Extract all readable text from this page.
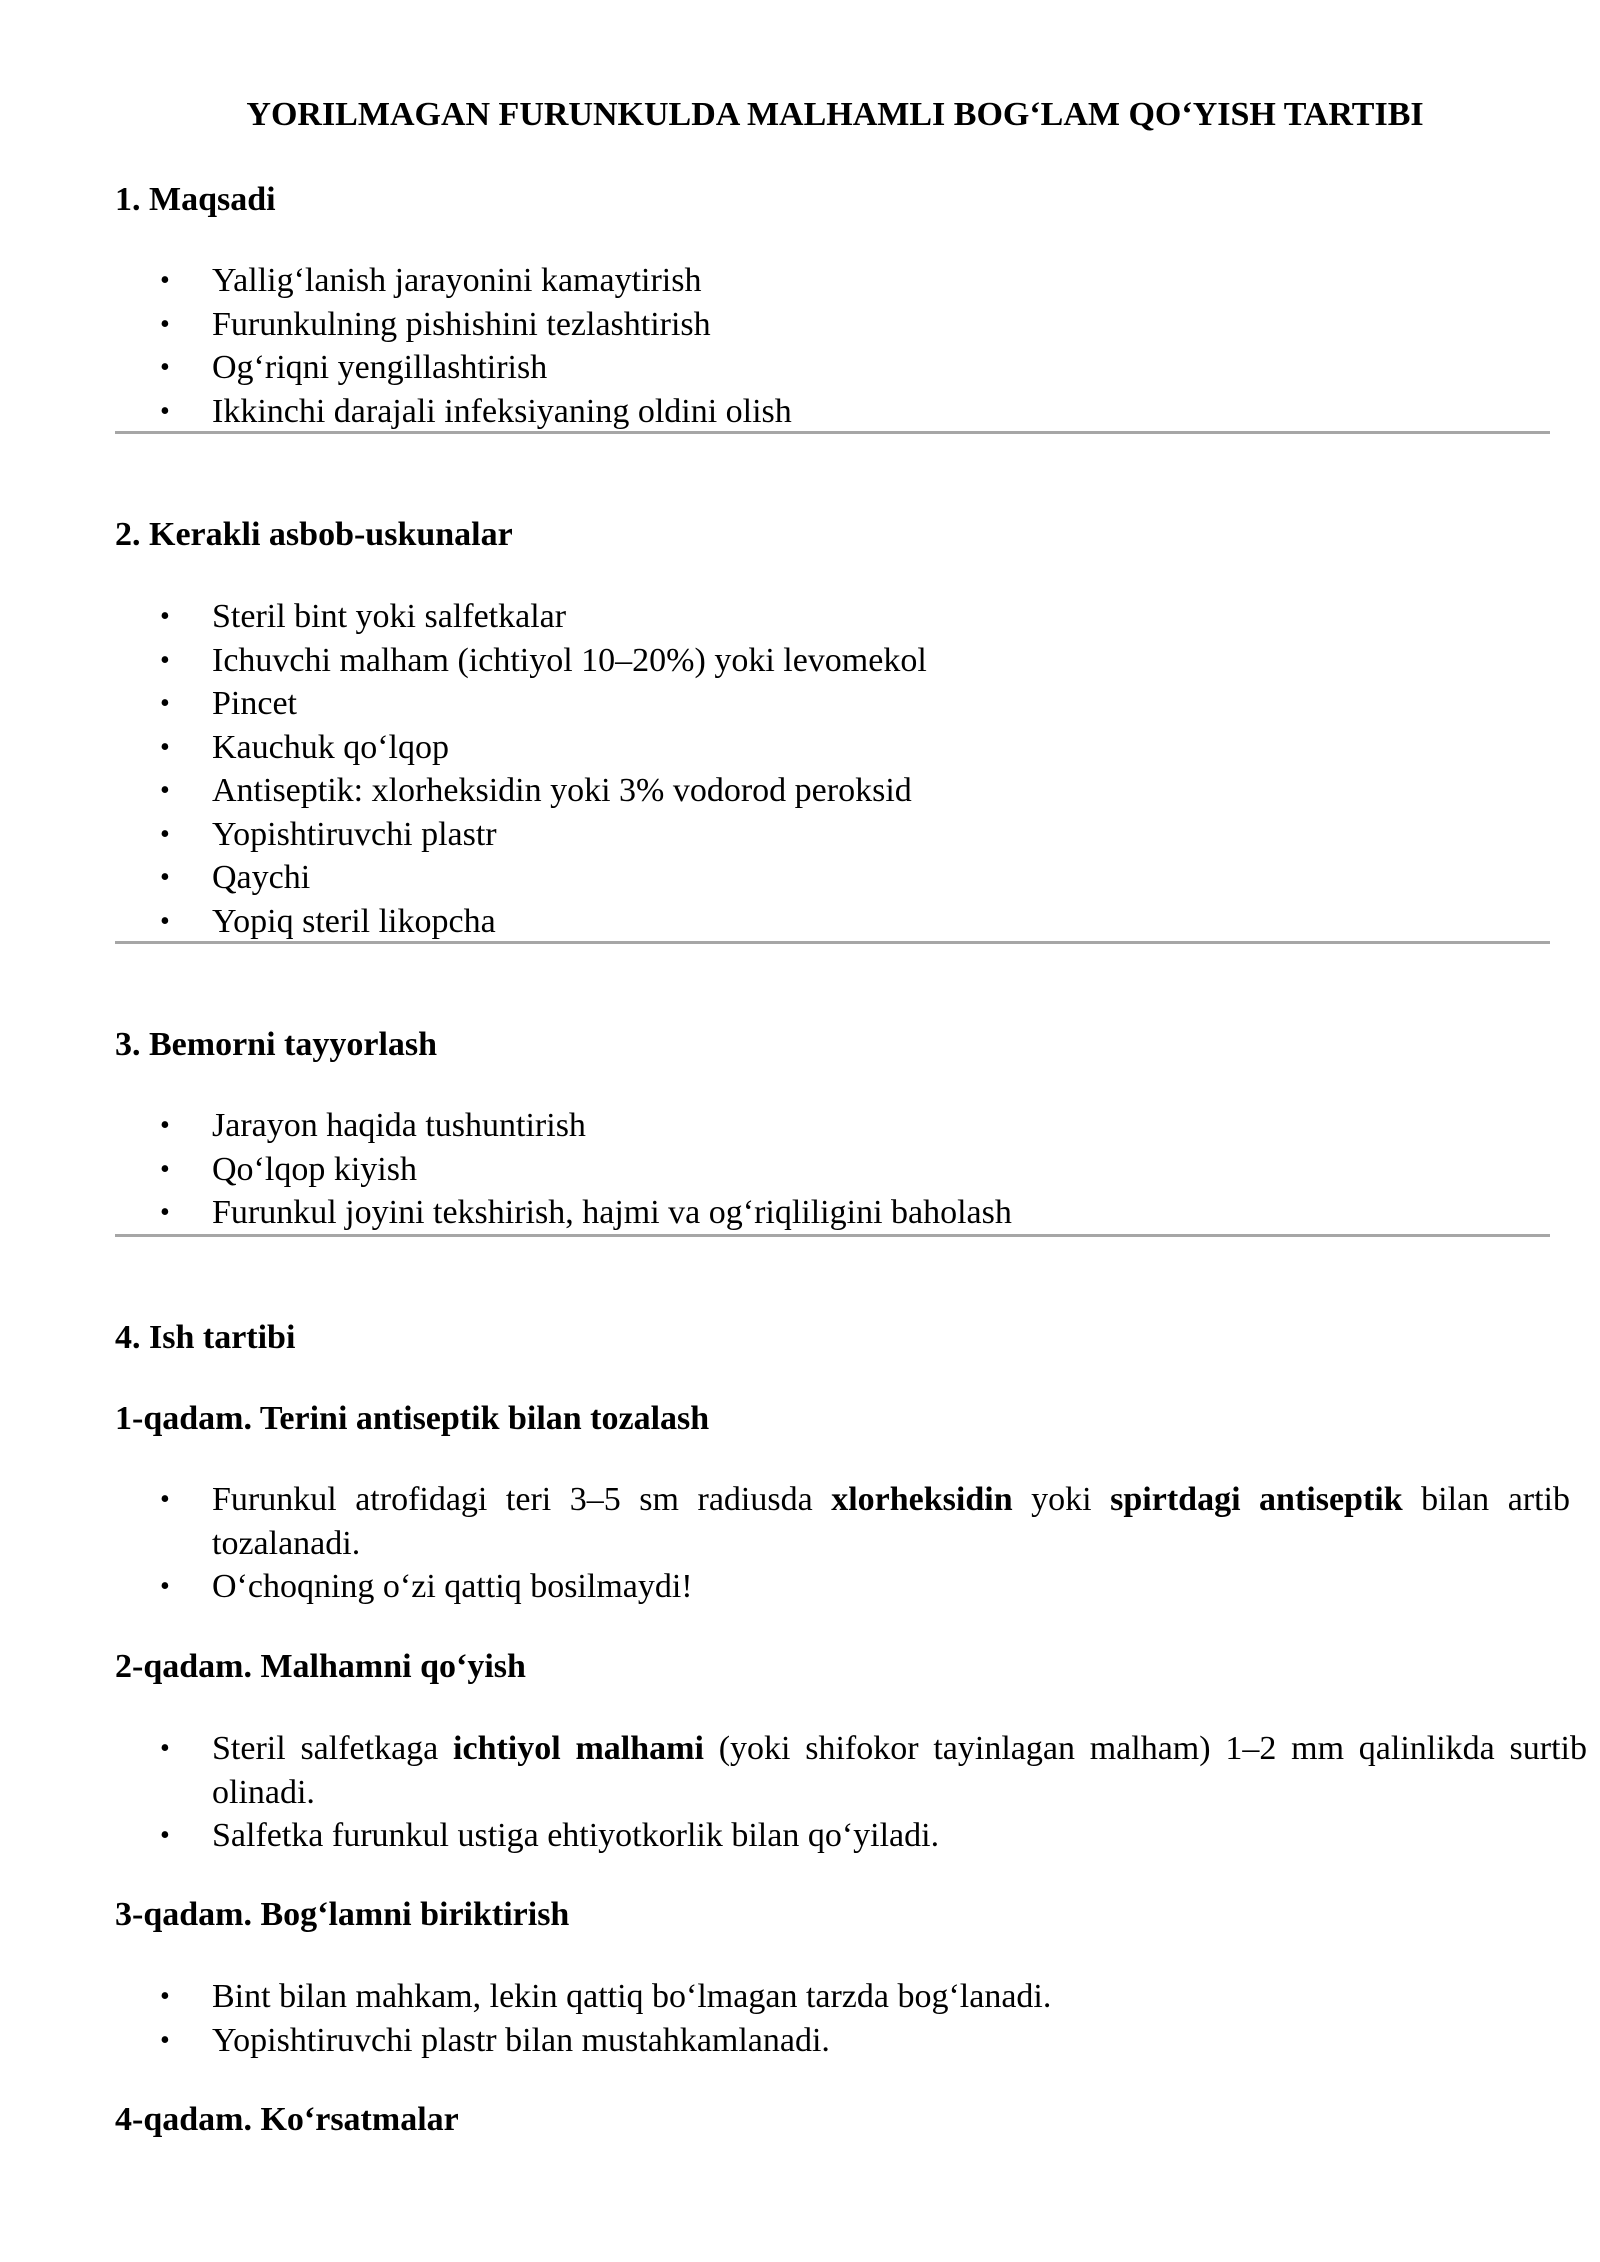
YORILMAGAN FURUNKULDA MALHAMLI BOG‘LAM QO‘YISH TARTIBI
1. Maqsadi
• Yallig‘lanish jarayonini kamaytirish
• Furunkulning pishishini tezlashtirish
• Og‘riqni yengillashtirish
• Ikkinchi darajali infeksiyaning oldini olish
2. Kerakli asbob-uskunalar
• Steril bint yoki salfetkalar
• Ichuvchi malham (ichtiyol 10–20%) yoki levomekol
• Pincet
• Kauchuk qo‘lqop
• Antiseptik: xlorheksidin yoki 3% vodorod peroksid
• Yopishtiruvchi plastr
• Qaychi
• Yopiq steril likopcha
3. Bemorni tayyorlash
• Jarayon haqida tushuntirish
• Qo‘lqop kiyish
• Furunkul joyini tekshirish, hajmi va og‘riqliligini baholash
4. Ish tartibi
1-qadam. Terini antiseptik bilan tozalash
• Furunkul atrofidagi teri 3–5 sm radiusda xlorheksidin yoki spirtdagi antiseptik bilan artib tozalanadi.
• O‘choqning o‘zi qattiq bosilmaydi!
2-qadam. Malhamni qo‘yish
• Steril salfetkaga ichtiyol malhami (yoki shifokor tayinlagan malham) 1–2 mm qalinlikda surtib olinadi.
• Salfetka furunkul ustiga ehtiyotkorlik bilan qo‘yiladi.
3-qadam. Bog‘lamni biriktirish
• Bint bilan mahkam, lekin qattiq bo‘lmagan tarzda bog‘lanadi.
• Yopishtiruvchi plastr bilan mustahkamlanadi.
4-qadam. Ko‘rsatmalar
